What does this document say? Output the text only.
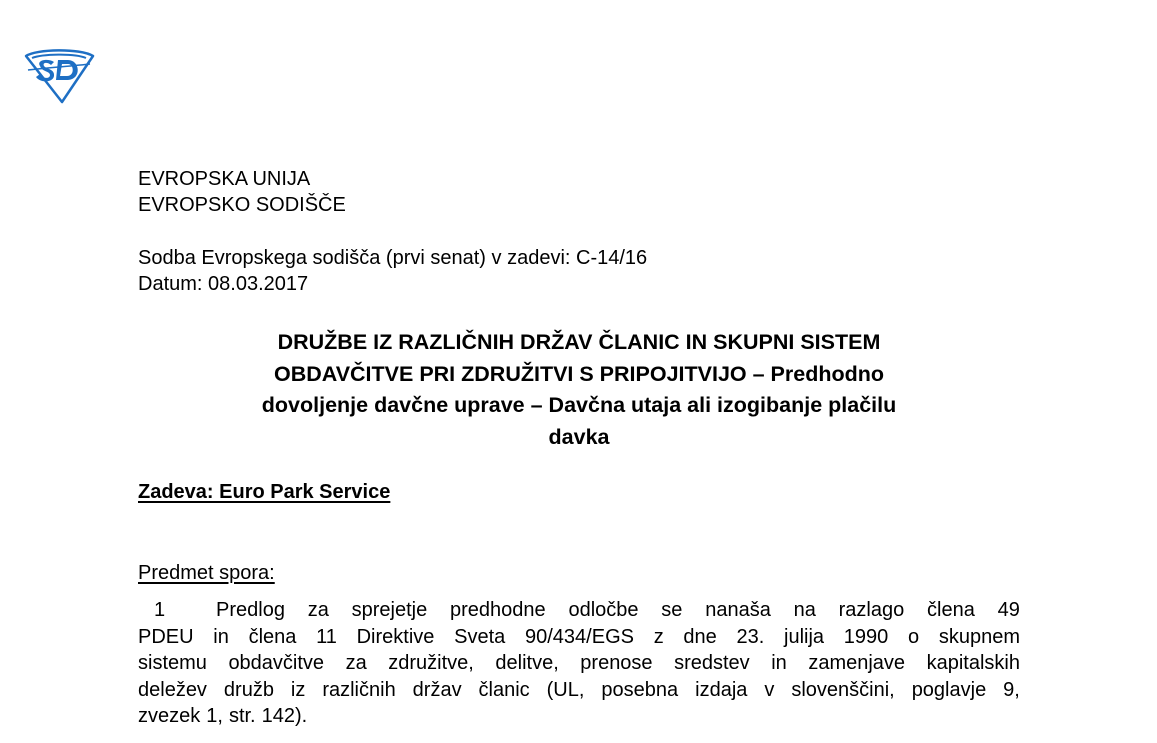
EVROPSKA UNIJA
EVROPSKO SODIŠČE
Sodba Evropskega sodišča (prvi senat) v zadevi: C-14/16
Datum: 08.03.2017
DRUŽBE IZ RAZLIČNIH DRŽAV ČLANIC IN SKUPNI SISTEM
OBDAVČITVE PRI ZDRUŽITVI S PRIPOJITVIJO – Predhodno
dovoljenje davčne uprave – Davčna utaja ali izogibanje plačilu
davka
Zadeva: Euro Park Service
Predmet spora:
1	Predlog za sprejetje predhodne odločbe se nanaša na razlago člena 49
PDEU in člena 11 Direktive Sveta 90/434/EGS z dne 23. julija 1990 o skupnem
sistemu obdavčitve za združitve, delitve, prenose sredstev in zamenjave kapitalskih
deležev družb iz različnih držav članic (UL, posebna izdaja v slovenščini, poglavje 9,
zvezek 1, str. 142).
